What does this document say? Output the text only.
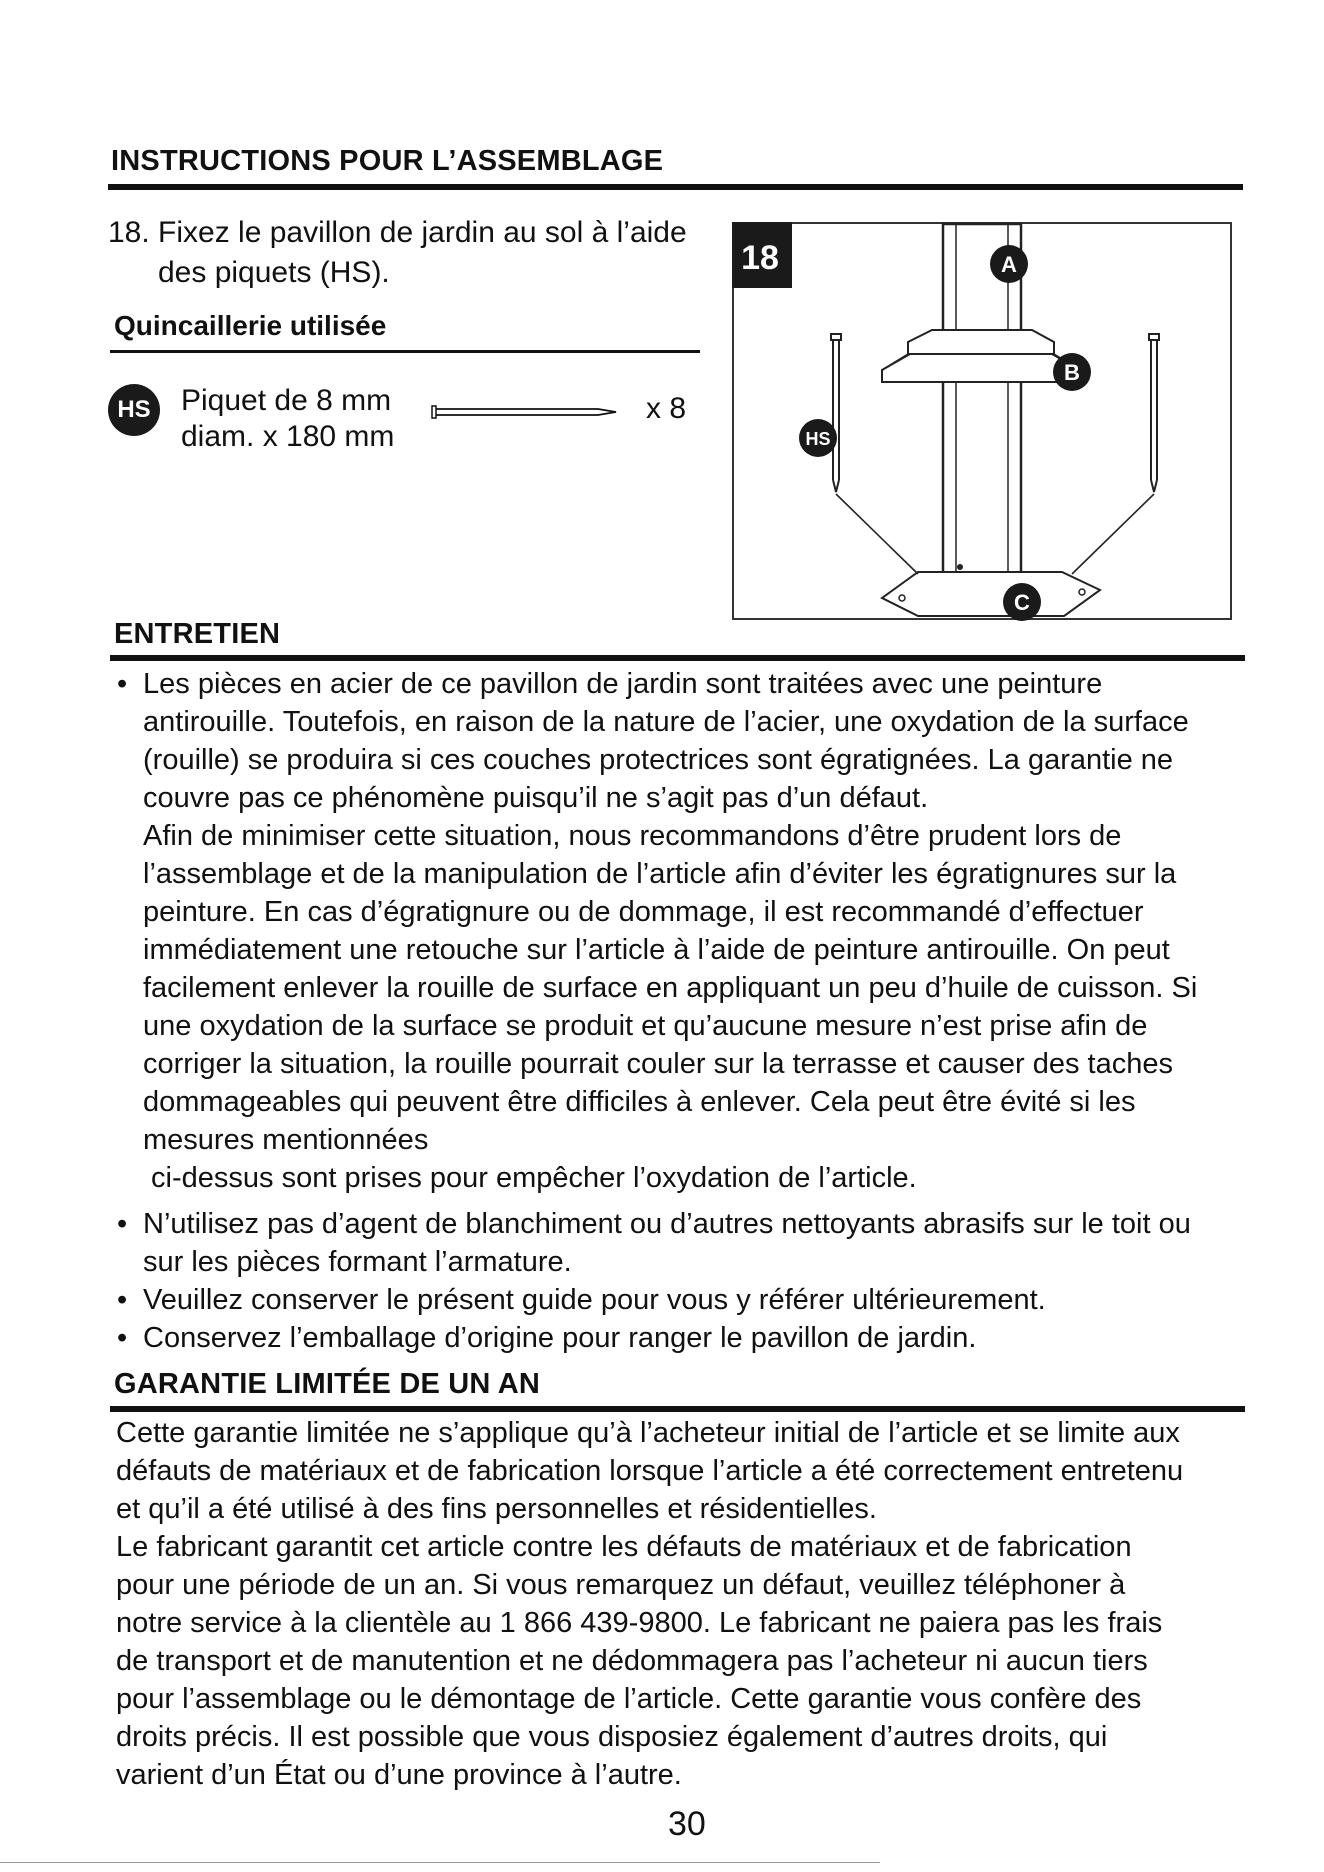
INSTRUCTIONS POUR L’ASSEMBLAGE
18. Fixez le pavillon de jardin au sol à l’aide
des piquets (HS).
Quincaillerie utilisée
HS	Piquet de 8 mm
diam. x 180 mm
x 8
18	A
B
C
HS
ENTRETIEN
• Les pièces en acier de ce pavillon de jardin sont traitées avec une peinture
antirouille. Toutefois, en raison de la nature de l’acier, une oxydation de la surface
(rouille) se produira si ces couches protectrices sont égratignées. La garantie ne
couvre pas ce phénomène puisqu’il ne s’agit pas d’un défaut.
Afin de minimiser cette situation, nous recommandons d’être prudent lors de
l’assemblage et de la manipulation de l’article afin d’éviter les égratignures sur la
peinture. En cas d’égratignure ou de dommage, il est recommandé d’effectuer
immédiatement une retouche sur l’article à l’aide de peinture antirouille. On peut
facilement enlever la rouille de surface en appliquant un peu d’huile de cuisson. Si
une oxydation de la surface se produit et qu’aucune mesure n’est prise afin de
corriger la situation, la rouille pourrait couler sur la terrasse et causer des taches
dommageables qui peuvent être difficiles à enlever. Cela peut être évité si les
mesures mentionnées
ci-dessus sont prises pour empêcher l’oxydation de l’article.
• N’utilisez pas d’agent de blanchiment ou d’autres nettoyants abrasifs sur le toit ou
sur les pièces formant l’armature.
• Veuillez conserver le présent guide pour vous y référer ultérieurement.
• Conservez l’emballage d’origine pour ranger le pavillon de jardin.
GARANTIE LIMITÉE DE UN AN
Cette garantie limitée ne s’applique qu’à l’acheteur initial de l’article et se limite aux
défauts de matériaux et de fabrication lorsque l’article a été correctement entretenu
et qu’il a été utilisé à des fins personnelles et résidentielles.
Le fabricant garantit cet article contre les défauts de matériaux et de fabrication
pour une période de un an. Si vous remarquez un défaut, veuillez téléphoner à
notre service à la clientèle au 1 866 439-9800. Le fabricant ne paiera pas les frais
de transport et de manutention et ne dédommagera pas l’acheteur ni aucun tiers
pour l’assemblage ou le démontage de l’article. Cette garantie vous confère des
droits précis. Il est possible que vous disposiez également d’autres droits, qui
varient d’un État ou d’une province à l’autre.
30
